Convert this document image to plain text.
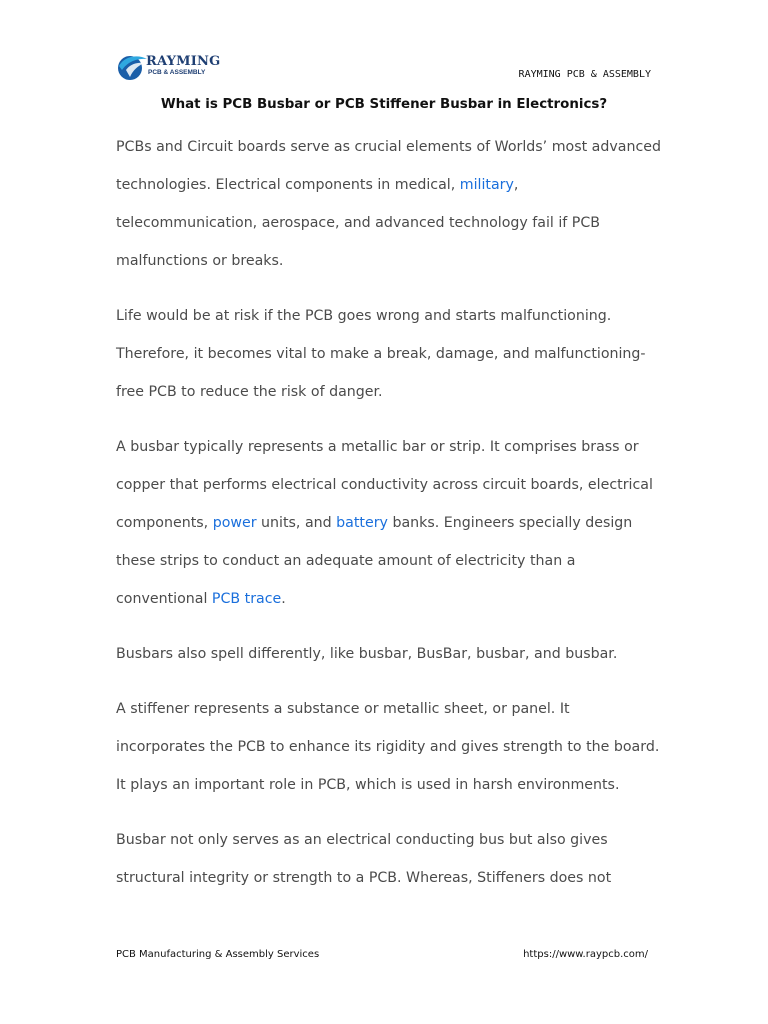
RAYMING
PCB & ASSEMBLY	RAYMING PCB & ASSEMBLY
What is PCB Busbar or PCB Stiffener Busbar in Electronics?

PCBs and Circuit boards serve as crucial elements of Worlds’ most advanced technologies. Electrical components in medical, military, telecommunication, aerospace, and advanced technology fail if PCB malfunctions or breaks.

Life would be at risk if the PCB goes wrong and starts malfunctioning. Therefore, it becomes vital to make a break, damage, and malfunctioning-free PCB to reduce the risk of danger.

A busbar typically represents a metallic bar or strip. It comprises brass or copper that performs electrical conductivity across circuit boards, electrical components, power units, and battery banks. Engineers specially design these strips to conduct an adequate amount of electricity than a conventional PCB trace.

Busbars also spell differently, like busbar, BusBar, busbar, and busbar.

A stiffener represents a substance or metallic sheet, or panel. It incorporates the PCB to enhance its rigidity and gives strength to the board. It plays an important role in PCB, which is used in harsh environments.

Busbar not only serves as an electrical conducting bus but also gives structural integrity or strength to a PCB. Whereas, Stiffeners does not

PCB Manufacturing & Assembly Services	https://www.raypcb.com/
